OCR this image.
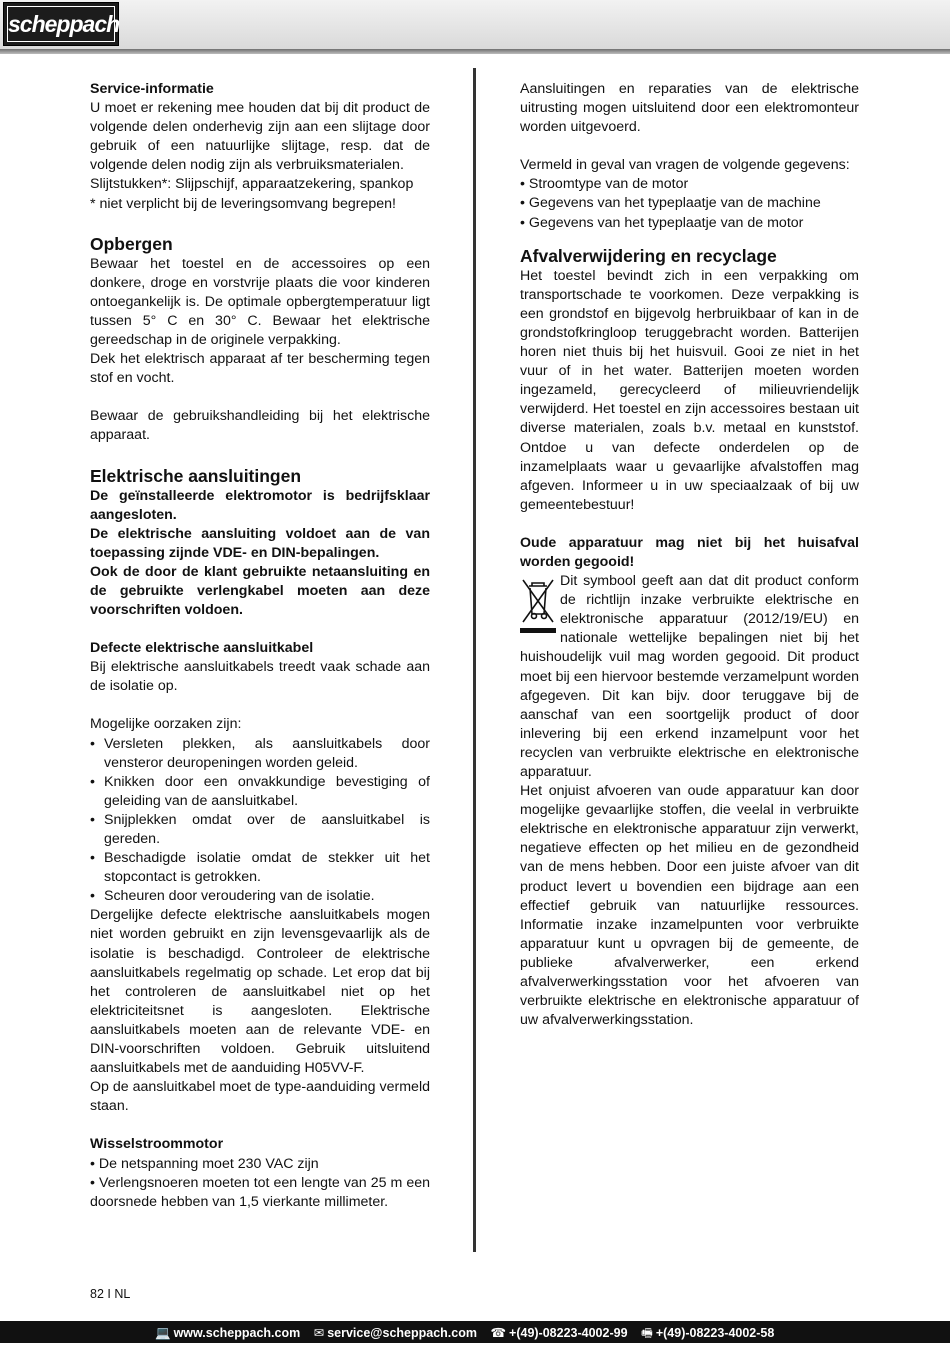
scheppach

Service-informatie

U moet er rekening mee houden dat bij dit product de volgende delen onderhevig zijn aan een slijtage door gebruik of een natuurlijke slijtage, resp. dat de volgende delen nodig zijn als verbruiksmaterialen.

Slijtstukken*: Slijpschijf, apparaatzekering, spankop

* niet verplicht bij de leveringsomvang begrepen!

Opbergen

Bewaar het toestel en de accessoires op een donkere, droge en vorstvrije plaats die voor kinderen ontoegankelijk is. De optimale opbergtemperatuur ligt tussen 5° C en 30° C. Bewaar het elektrische gereedschap in de originele verpakking.

Dek het elektrisch apparaat af ter bescherming tegen stof en vocht.

Bewaar de gebruikshandleiding bij het elektrische apparaat.

Elektrische aansluitingen

De geïnstalleerde elektromotor is bedrijfsklaar aangesloten.

De elektrische aansluiting voldoet aan de van toepassing zijnde VDE- en DIN-bepalingen.

Ook de door de klant gebruikte netaansluiting en de gebruikte verlengkabel moeten aan deze voorschriften voldoen.

Defecte elektrische aansluitkabel

Bij elektrische aansluitkabels treedt vaak schade aan de isolatie op.

Mogelijke oorzaken zijn:

• Versleten plekken, als aansluitkabels door vensteror deuropeningen worden geleid.
• Knikken door een onvakkundige bevestiging of geleiding van de aansluitkabel.
• Snijplekken omdat over de aansluitkabel is gereden.
• Beschadigde isolatie omdat de stekker uit het stopcontact is getrokken.
• Scheuren door veroudering van de isolatie.

Dergelijke defecte elektrische aansluitkabels mogen niet worden gebruikt en zijn levensgevaarlijk als de isolatie is beschadigd. Controleer de elektrische aansluitkabels regelmatig op schade. Let erop dat bij het controleren de aansluitkabel niet op het elektriciteitsnet is aangesloten. Elektrische aansluitkabels moeten aan de relevante VDE- en DIN-voorschriften voldoen. Gebruik uitsluitend aansluitkabels met de aanduiding H05VV-F.

Op de aansluitkabel moet de type-aanduiding vermeld staan.

Wisselstroommotor

• De netspanning moet 230 VAC zijn

• Verlengsnoeren moeten tot een lengte van 25 m een doorsnede hebben van 1,5 vierkante millimeter.

Aansluitingen en reparaties van de elektrische uitrusting mogen uitsluitend door een elektromonteur worden uitgevoerd.

Vermeld in geval van vragen de volgende gegevens:

• Stroomtype van de motor

• Gegevens van het typeplaatje van de machine

• Gegevens van het typeplaatje van de motor

Afvalverwijdering en recyclage

Het toestel bevindt zich in een verpakking om transportschade te voorkomen. Deze verpakking is een grondstof en bijgevolg herbruikbaar of kan in de grondstofkringloop teruggebracht worden. Batterijen horen niet thuis bij het huisvuil. Gooi ze niet in het vuur of in het water. Batterijen moeten worden ingezameld, gerecycleerd of milieuvriendelijk verwijderd. Het toestel en zijn accessoires bestaan uit diverse materialen, zoals b.v. metaal en kunststof. Ontdoe u van defecte onderdelen op de inzamelplaats waar u gevaarlijke afvalstoffen mag afgeven. Informeer u in uw speciaalzaak of bij uw gemeentebestuur!

Oude apparatuur mag niet bij het huisafval worden gegooid!

Dit symbool geeft aan dat dit product conform de richtlijn inzake verbruikte elektrische en elektronische apparatuur (2012/19/EU) en nationale wettelijke bepalingen niet bij het huishoudelijk vuil mag worden gegooid. Dit product moet bij een hiervoor bestemde verzamelpunt worden afgegeven. Dit kan bijv. door teruggave bij de aanschaf van een soortgelijk product of door inlevering bij een erkend inzamelpunt voor het recyclen van verbruikte elektrische en elektronische apparatuur.

Het onjuist afvoeren van oude apparatuur kan door mogelijke gevaarlijke stoffen, die veelal in verbruikte elektrische en elektronische apparatuur zijn verwerkt, negatieve effecten op het milieu en de gezondheid van de mens hebben. Door een juiste afvoer van dit product levert u bovendien een bijdrage aan een effectief gebruik van natuurlijke ressources. Informatie inzake inzamelpunten voor verbruikte apparatuur kunt u opvragen bij de gemeente, de publieke afvalverwerker, een erkend afvalverwerkingsstation voor het afvoeren van verbruikte elektrische en elektronische apparatuur of uw afvalverwerkingsstation.

82 I NL
💻 www.scheppach.com ✉ service@scheppach.com ☎ +(49)-08223-4002-99 🖷 +(49)-08223-4002-58
